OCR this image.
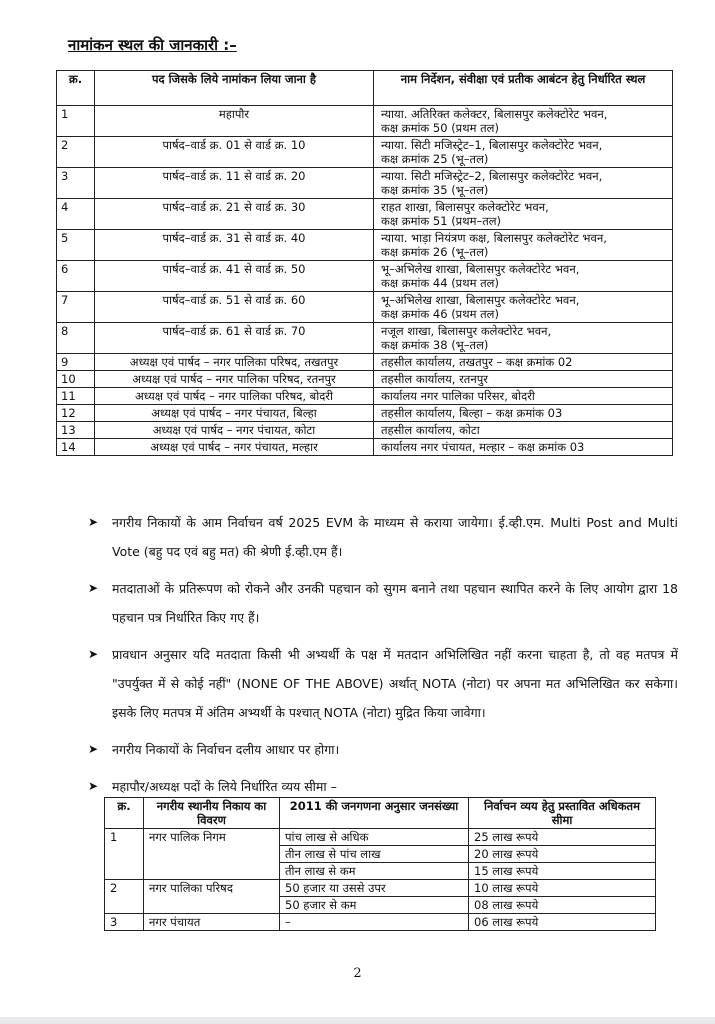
नामांकन स्थल की जानकारी :–
क्र.	पद जिसके लिये नामांकन लिया जाना है	नाम निर्देशन, संवीक्षा एवं प्रतीक आबंटन हेतु निर्धारित स्थल
1	महापौर	न्याया. अतिरिक्त कलेक्टर, बिलासपुर कलेक्टोरेट भवन,
कक्ष क्रमांक 50 (प्रथम तल)

2	पार्षद–वार्ड क्र. 01 से वार्ड क्र. 10	न्याया. सिटी मजिस्ट्रेट–1, बिलासपुर कलेक्टोरेट भवन,
कक्ष क्रमांक 25 (भू–तल)

3	पार्षद–वार्ड क्र. 11 से वार्ड क्र. 20	न्याया. सिटी मजिस्ट्रेट–2, बिलासपुर कलेक्टोरेट भवन,
कक्ष क्रमांक 35 (भू–तल)

4	पार्षद–वार्ड क्र. 21 से वार्ड क्र. 30	राहत शाखा, बिलासपुर कलेक्टोरेट भवन,
कक्ष क्रमांक 51 (प्रथम–तल)

5	पार्षद–वार्ड क्र. 31 से वार्ड क्र. 40	न्याया. भाड़ा नियंत्रण कक्ष, बिलासपुर कलेक्टोरेट भवन,
कक्ष क्रमांक 26 (भू–तल)

6	पार्षद–वार्ड क्र. 41 से वार्ड क्र. 50	भू–अभिलेख शाखा, बिलासपुर कलेक्टोरेट भवन,
कक्ष क्रमांक 44 (प्रथम तल)

7	पार्षद–वार्ड क्र. 51 से वार्ड क्र. 60	भू–अभिलेख शाखा, बिलासपुर कलेक्टोरेट भवन,
कक्ष क्रमांक 46 (प्रथम तल)

8	पार्षद–वार्ड क्र. 61 से वार्ड क्र. 70	नजूल शाखा, बिलासपुर कलेक्टोरेट भवन,
कक्ष क्रमांक 38 (भू–तल)

9	अध्यक्ष एवं पार्षद – नगर पालिका परिषद, तखतपुर	तहसील कार्यालय, तखतपुर – कक्ष क्रमांक 02

10	अध्यक्ष एवं पार्षद – नगर पालिका परिषद, रतनपुर	तहसील कार्यालय, रतनपुर

11	अध्यक्ष एवं पार्षद – नगर पालिका परिषद, बोदरी	कार्यालय नगर पालिका परिसर, बोदरी

12	अध्यक्ष एवं पार्षद – नगर पंचायत, बिल्हा	तहसील कार्यालय, बिल्हा – कक्ष क्रमांक 03

13	अध्यक्ष एवं पार्षद – नगर पंचायत, कोटा	तहसील कार्यालय, कोटा

14	अध्यक्ष एवं पार्षद – नगर पंचायत, मल्हार	कार्यालय नगर पंचायत, मल्हार – कक्ष क्रमांक 03
➤ नगरीय निकायों के आम निर्वाचन वर्ष 2025 EVM के माध्यम से कराया जायेगा। ई.व्ही.एम. Multi Post and Multi Vote (बहु पद एवं बहु मत) की श्रेणी ई.व्ही.एम हैं।
➤ मतदाताओं के प्रतिरूपण को रोकने और उनकी पहचान को सुगम बनाने तथा पहचान स्थापित करने के लिए आयोग द्वारा 18 पहचान पत्र निर्धारित किए गए हैं।
➤ प्रावधान अनुसार यदि मतदाता किसी भी अभ्यर्थी के पक्ष में मतदान अभिलिखित नहीं करना चाहता है, तो वह मतपत्र में "उपर्युक्त में से कोई नहीं" (NONE OF THE ABOVE) अर्थात् NOTA (नोटा) पर अपना मत अभिलिखित कर सकेगा। इसके लिए मतपत्र में अंतिम अभ्यर्थी के पश्चात् NOTA (नोटा) मुद्रित किया जावेगा।
➤ नगरीय निकायों के निर्वाचन दलीय आधार पर होगा।
➤ महापौर/अध्यक्ष पदों के लिये निर्धारित व्यय सीमा –
क्र.	नगरीय स्थानीय निकाय का विवरण	2011 की जनगणना अनुसार जनसंख्या	निर्वाचन व्यय हेतु प्रस्तावित अधिकतम सीमा
1	नगर पालिक निगम	पांच लाख से अधिक	25 लाख रूपये
		तीन लाख से पांच लाख	20 लाख रूपये
		तीन लाख से कम	15 लाख रूपये
2	नगर पालिका परिषद	50 हजार या उससे उपर	10 लाख रूपये
		50 हजार से कम	08 लाख रूपये
3	नगर पंचायत	–	06 लाख रूपये
2
